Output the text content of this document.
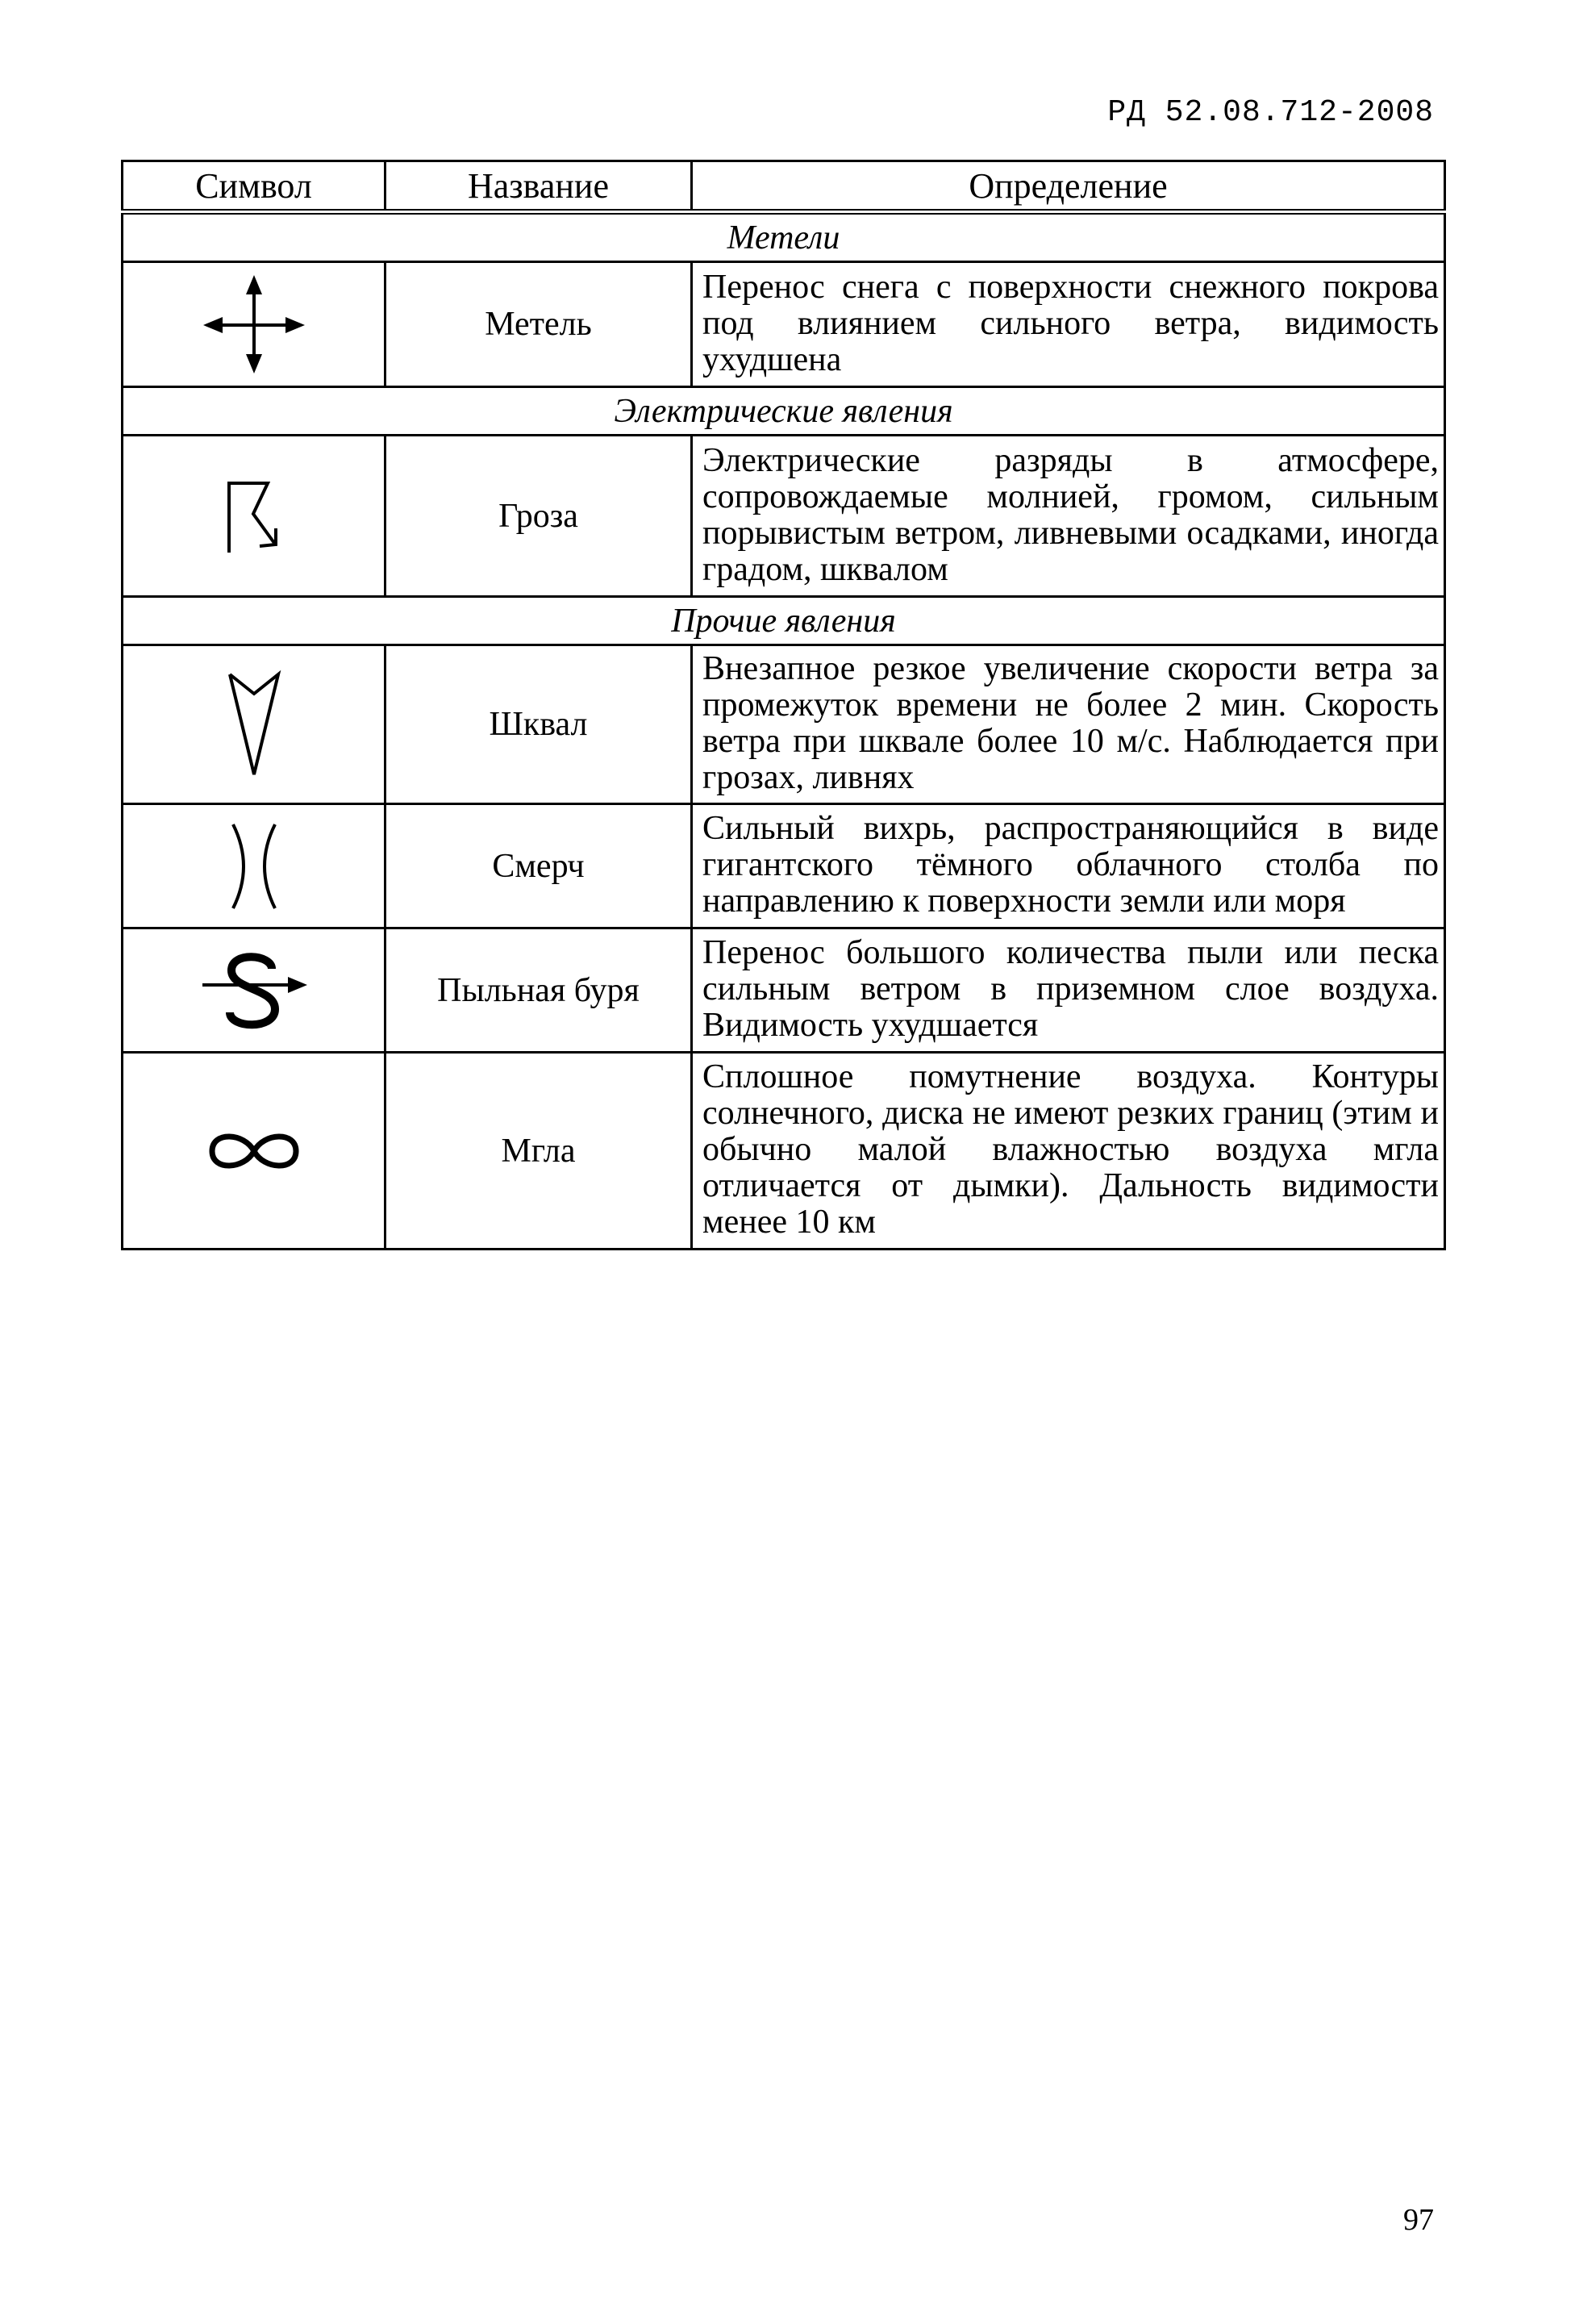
РД 52.08.712-2008
Символ	Название	Определение
Метели		

	Метель	Перенос снега с поверхности снежного покрова под влиянием сильного ветра, видимость ухудшена
Электрические явления		

	Гроза	Электрические разряды в атмосфере, сопровождаемые молнией, громом, сильным порывистым ветром, ливневыми осадками, иногда градом, шквалом
Прочие явления		

	Шквал	Внезапное резкое увеличение скорости ветра за промежуток времени не более 2 мин. Скорость ветра при шквале более 10 м/с. Наблюдается при грозах, ливнях

	Смерч	Сильный вихрь, распространяющийся в виде гигантского тёмного облачного столба по направлению к поверхности земли или моря

	Пыльная буря	Перенос большого количества пыли или песка сильным ветром в приземном слое воздуха. Видимость ухудшается

	Мгла	Сплошное помутнение воздуха. Контуры солнечного, диска не имеют резких границ (этим и обычно малой влажностью воздуха мгла отличается от дымки). Дальность видимости менее 10 км
97
